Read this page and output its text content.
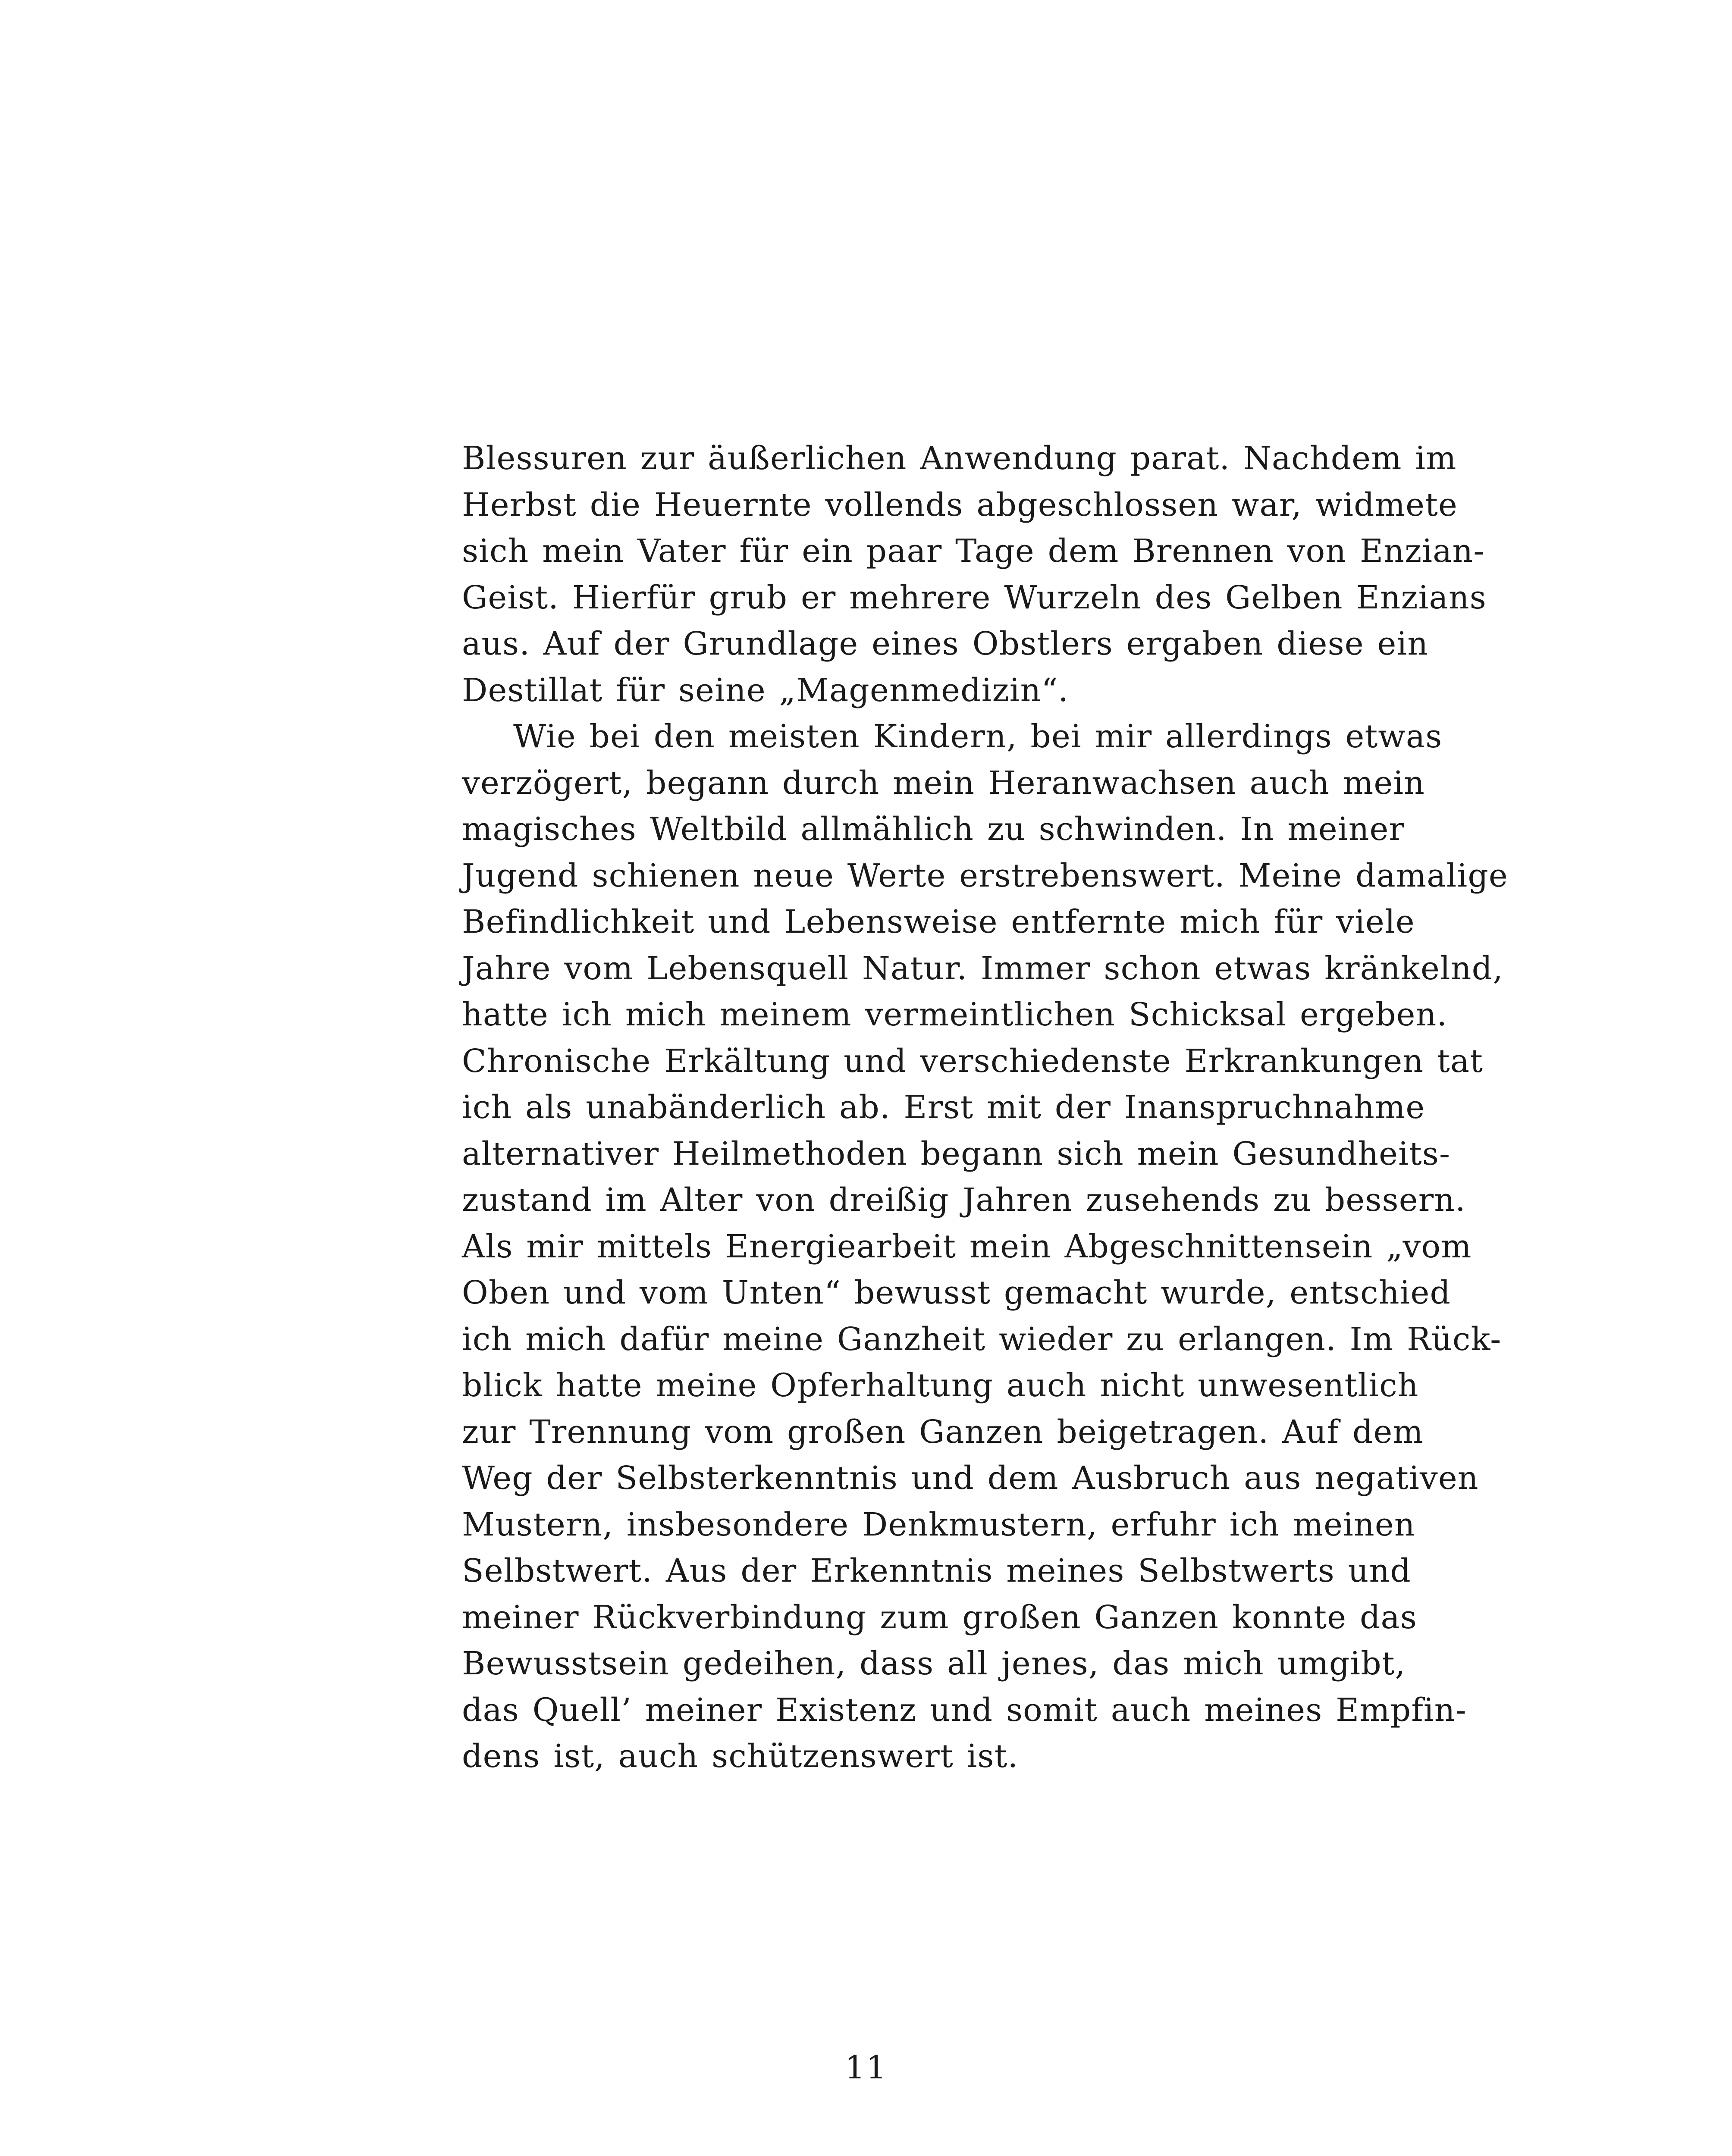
Blessuren zur äußerlichen Anwendung parat. Nachdem im
Herbst die Heuernte vollends abgeschlossen war, widmete
sich mein Vater für ein paar Tage dem Brennen von Enzian-
Geist. Hierfür grub er mehrere Wurzeln des Gelben Enzians
aus. Auf der Grundlage eines Obstlers ergaben diese ein
Destillat für seine „Magenmedizin“.
Wie bei den meisten Kindern, bei mir allerdings etwas
verzögert, begann durch mein Heranwachsen auch mein
magisches Weltbild allmählich zu schwinden. In meiner
Jugend schienen neue Werte erstrebenswert. Meine damalige
Befindlichkeit und Lebensweise entfernte mich für viele
Jahre vom Lebensquell Natur. Immer schon etwas kränkelnd,
hatte ich mich meinem vermeintlichen Schicksal ergeben.
Chronische Erkältung und verschiedenste Erkrankungen tat
ich als unabänderlich ab. Erst mit der Inanspruchnahme
alternativer Heilmethoden begann sich mein Gesundheits-
zustand im Alter von dreißig Jahren zusehends zu bessern.
Als mir mittels Energiearbeit mein Abgeschnittensein „vom
Oben und vom Unten“ bewusst gemacht wurde, entschied
ich mich dafür meine Ganzheit wieder zu erlangen. Im Rück-
blick hatte meine Opferhaltung auch nicht unwesentlich
zur Trennung vom großen Ganzen beigetragen. Auf dem
Weg der Selbsterkenntnis und dem Ausbruch aus negativen
Mustern, insbesondere Denkmustern, erfuhr ich meinen
Selbstwert. Aus der Erkenntnis meines Selbstwerts und
meiner Rückverbindung zum großen Ganzen konnte das
Bewusstsein gedeihen, dass all jenes, das mich umgibt,
das Quell’ meiner Existenz und somit auch meines Empfin-
dens ist, auch schützenswert ist.
11
